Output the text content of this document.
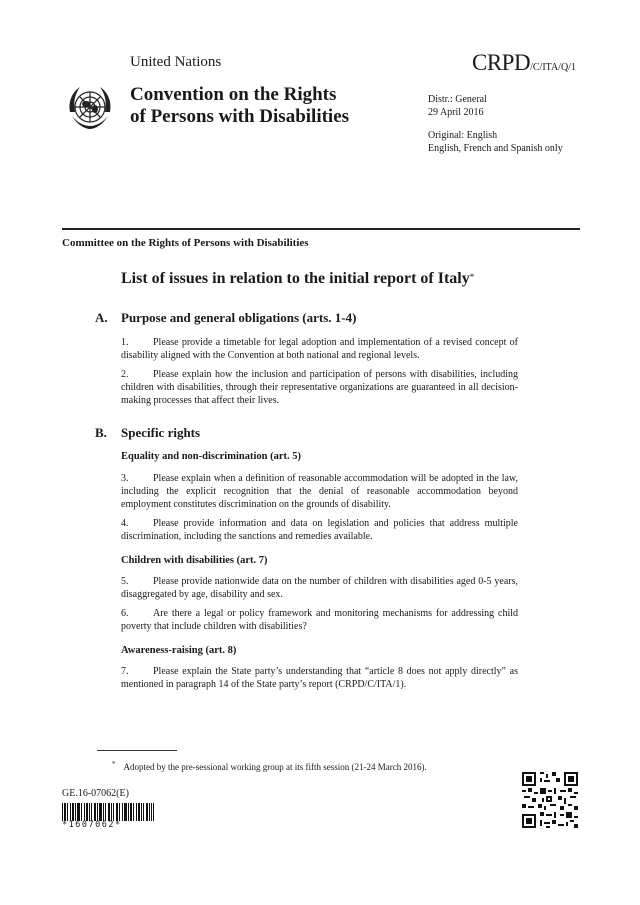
United Nations	CRPD/C/ITA/Q/1
Convention on the Rights
of Persons with Disabilities
Distr.: General
29 April 2016
Original: English
English, French and Spanish only
Committee on the Rights of Persons with Disabilities
List of issues in relation to the initial report of Italy*
A. Purpose and general obligations (arts. 1-4)
1. Please provide a timetable for legal adoption and implementation of a revised concept of disability aligned with the Convention at both national and regional levels.
2. Please explain how the inclusion and participation of persons with disabilities, including children with disabilities, through their representative organizations are guaranteed in all decision-making processes that affect their lives.
B. Specific rights
Equality and non-discrimination (art. 5)
3. Please explain when a definition of reasonable accommodation will be adopted in the law, including the explicit recognition that the denial of reasonable accommodation beyond employment constitutes discrimination on the grounds of disability.
4. Please provide information and data on legislation and policies that address multiple discrimination, including the sanctions and remedies available.
Children with disabilities (art. 7)
5. Please provide nationwide data on the number of children with disabilities aged 0-5 years, disaggregated by age, disability and sex.
6. Are there a legal or policy framework and monitoring mechanisms for addressing child poverty that include children with disabilities?
Awareness-raising (art. 8)
7. Please explain the State party’s understanding that “article 8 does not apply directly” as mentioned in paragraph 14 of the State party’s report (CRPD/C/ITA/1).
* Adopted by the pre-sessional working group at its fifth session (21-24 March 2016).
GE.16-07062(E)
*1607062*
